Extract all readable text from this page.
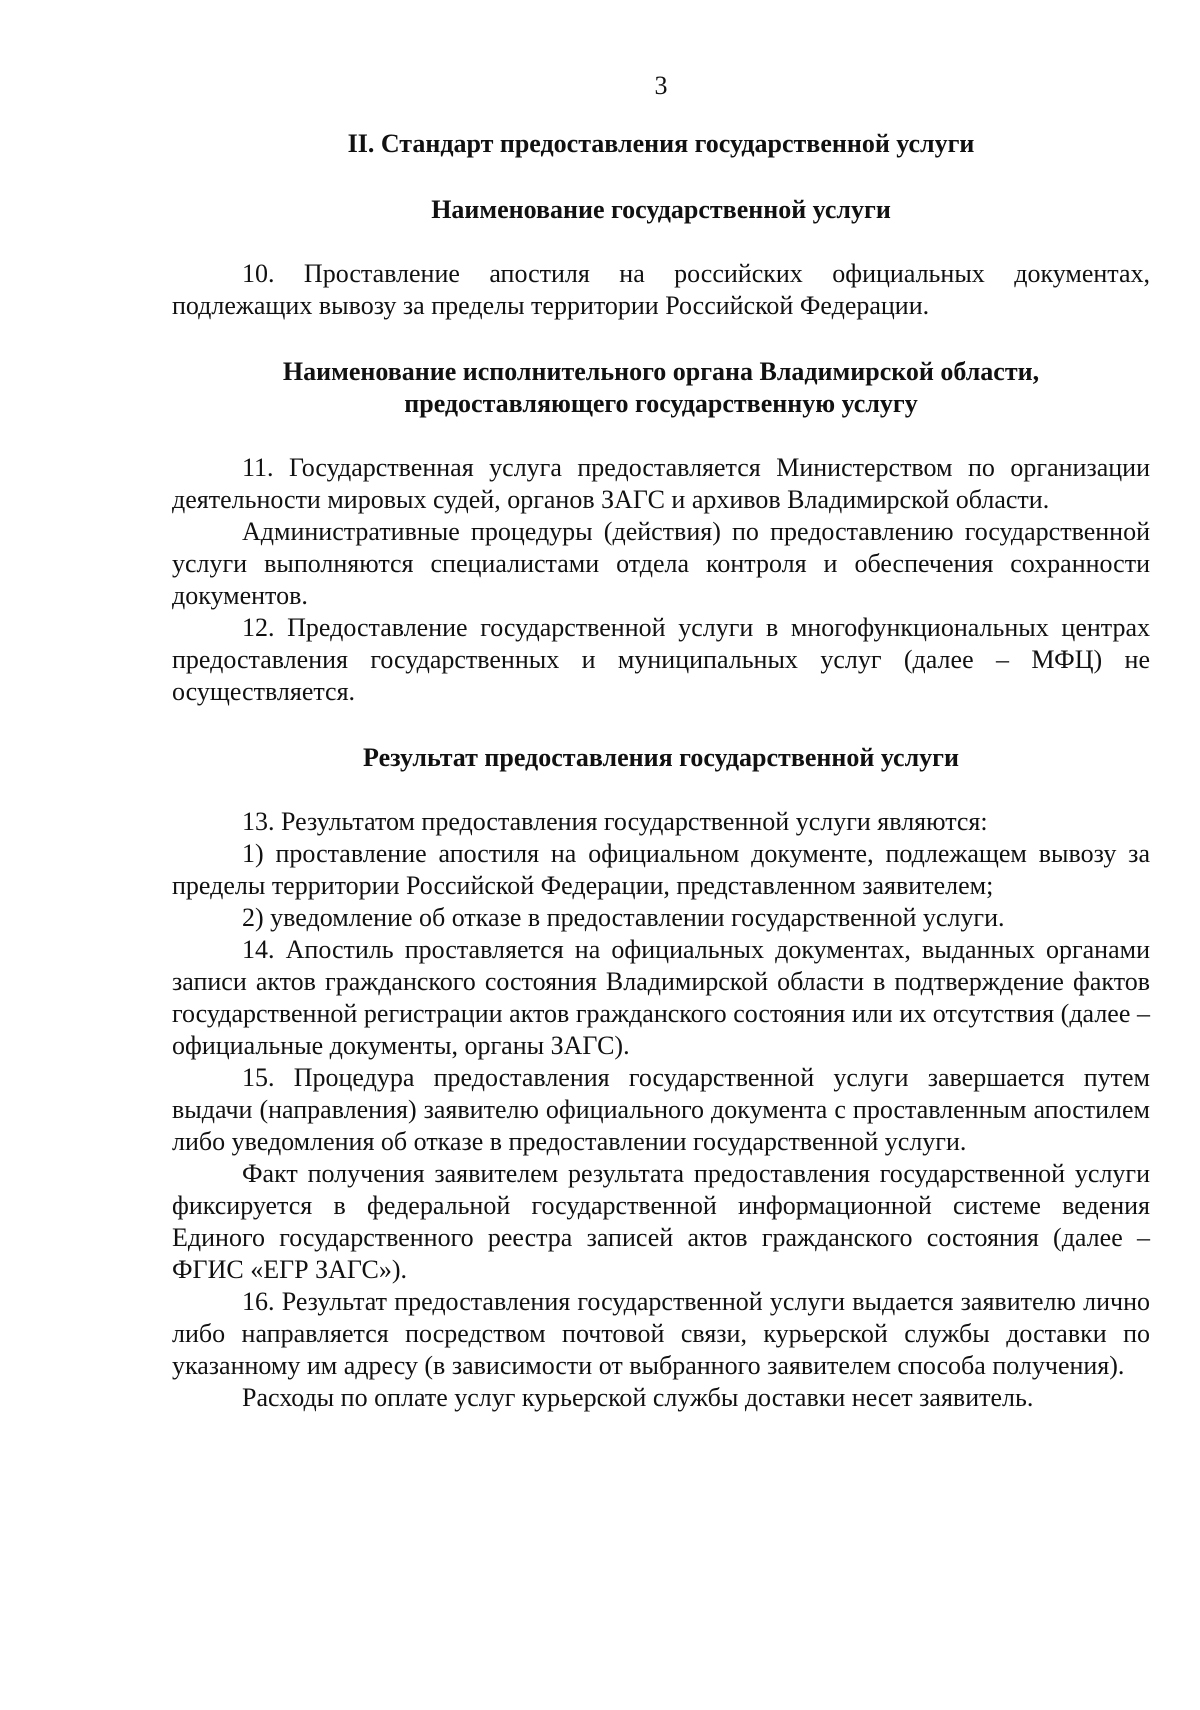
3
II. Стандарт предоставления государственной услуги
Наименование государственной услуги

10. Проставление апостиля на российских официальных документах, подлежащих вывозу за пределы территории Российской Федерации.

Наименование исполнительного органа Владимирской области, предоставляющего государственную услугу

11. Государственная услуга предоставляется Министерством по организации деятельности мировых судей, органов ЗАГС и архивов Владимирской области.

Административные процедуры (действия) по предоставлению государственной услуги выполняются специалистами отдела контроля и обеспечения сохранности документов.

12. Предоставление государственной услуги в многофункциональных центрах предоставления государственных и муниципальных услуг (далее – МФЦ) не осуществляется.

Результат предоставления государственной услуги

13. Результатом предоставления государственной услуги являются:

1) проставление апостиля на официальном документе, подлежащем вывозу за пределы территории Российской Федерации, представленном заявителем;

2) уведомление об отказе в предоставлении государственной услуги.

14. Апостиль проставляется на официальных документах, выданных органами записи актов гражданского состояния Владимирской области в подтверждение фактов государственной регистрации актов гражданского состояния или их отсутствия (далее – официальные документы, органы ЗАГС).

15. Процедура предоставления государственной услуги завершается путем выдачи (направления) заявителю официального документа с проставленным апостилем либо уведомления об отказе в предоставлении государственной услуги.

Факт получения заявителем результата предоставления государственной услуги фиксируется в федеральной государственной информационной системе ведения Единого государственного реестра записей актов гражданского состояния (далее – ФГИС «ЕГР ЗАГС»).

16. Результат предоставления государственной услуги выдается заявителю лично либо направляется посредством почтовой связи, курьерской службы доставки по указанному им адресу (в зависимости от выбранного заявителем способа получения).

Расходы по оплате услуг курьерской службы доставки несет заявитель.
